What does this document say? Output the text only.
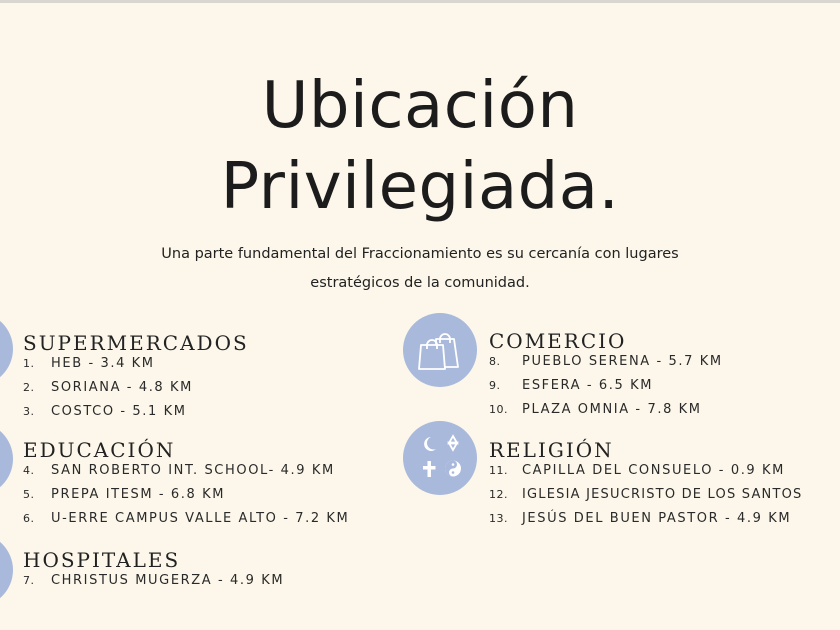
Ubicación
Privilegiada.
Una parte fundamental del Fraccionamiento es su cercanía con lugares
estratégicos de la comunidad.
SUPERMERCADOS
1. HEB - 3.4 KM
2. SORIANA - 4.8 KM
3. COSTCO - 5.1 KM
EDUCACIÓN
4. SAN ROBERTO INT. SCHOOL- 4.9 KM
5. PREPA ITESM - 6.8 KM
6. U-ERRE CAMPUS VALLE ALTO - 7.2 KM
HOSPITALES
7. CHRISTUS MUGERZA - 4.9 KM
COMERCIO
8. PUEBLO SERENA - 5.7 KM
9. ESFERA - 6.5 KM
10. PLAZA OMNIA - 7.8 KM
RELIGIÓN
11. CAPILLA DEL CONSUELO - 0.9 KM
12. IGLESIA JESUCRISTO DE LOS SANTOS
13. JESÚS DEL BUEN PASTOR - 4.9 KM
